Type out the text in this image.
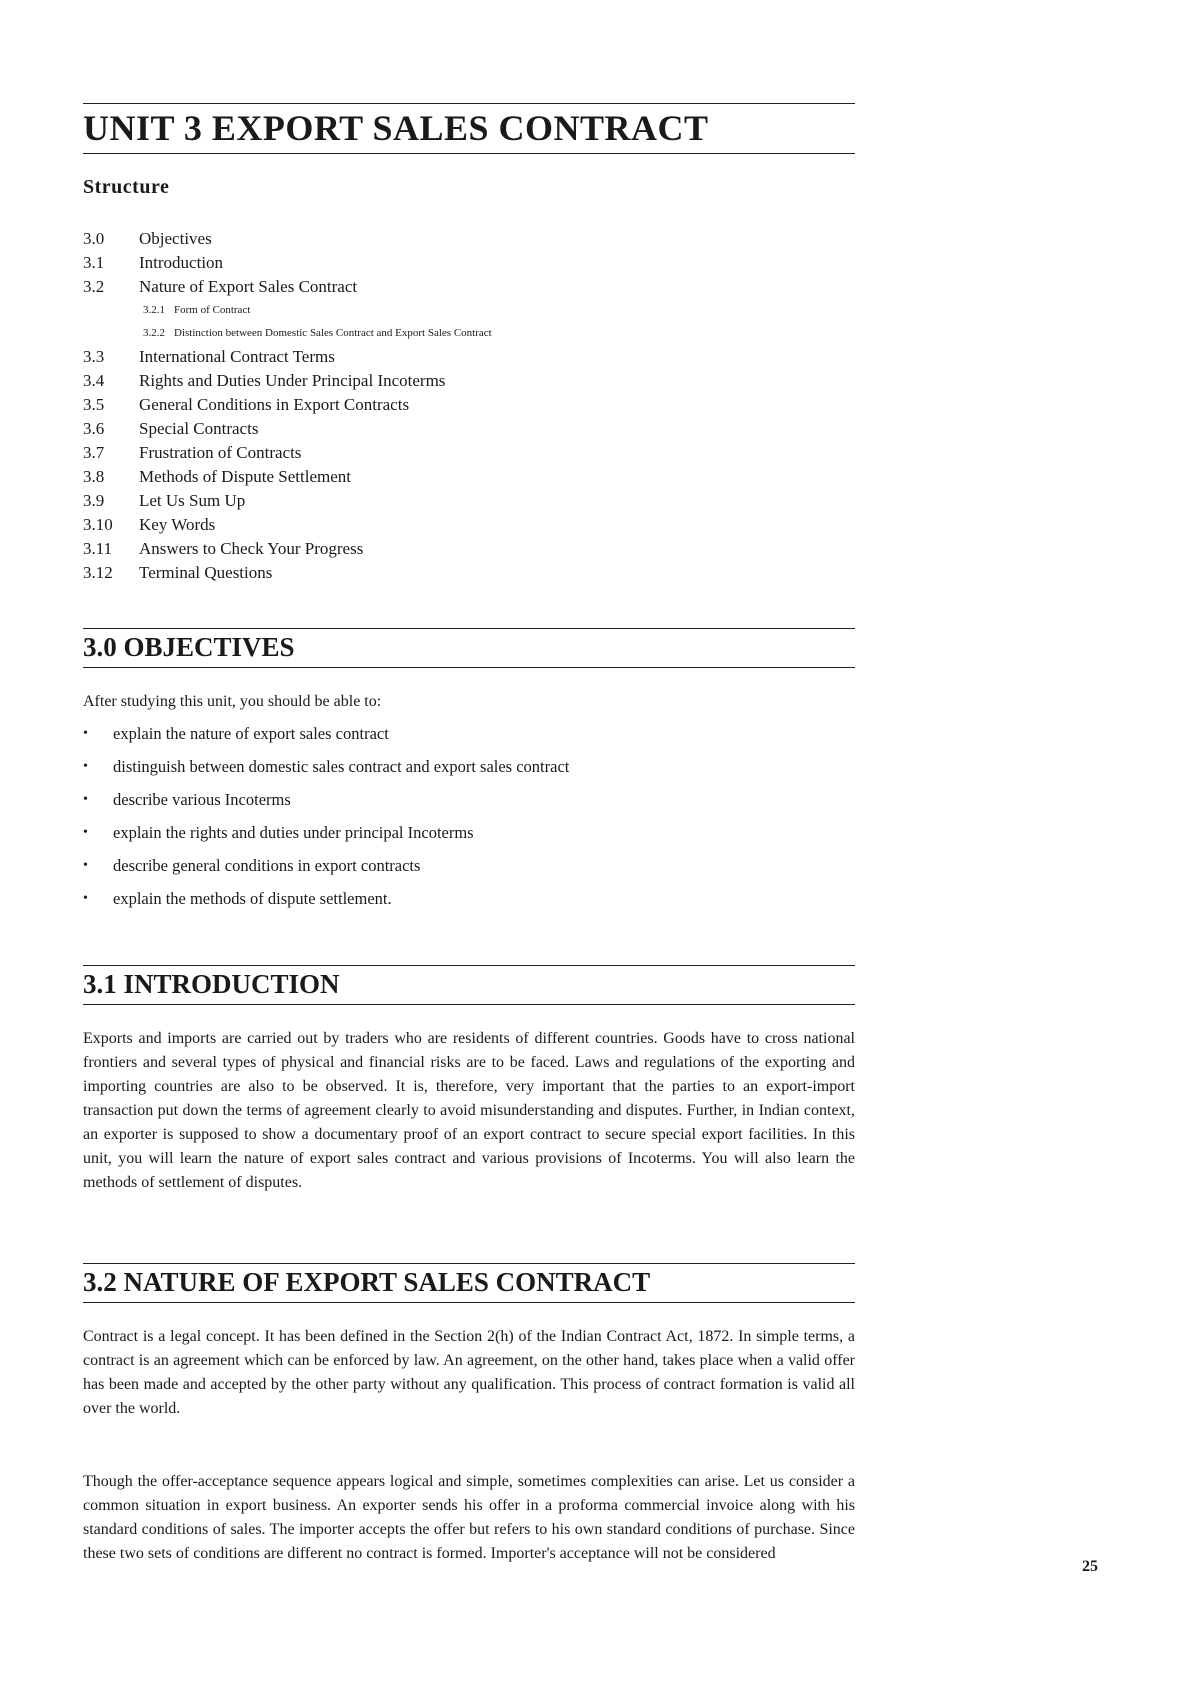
UNIT 3 EXPORT SALES CONTRACT
Structure
3.0 Objectives
3.1 Introduction
3.2 Nature of Export Sales Contract
3.2.1 Form of Contract
3.2.2 Distinction between Domestic Sales Contract and Export Sales Contract
3.3 International Contract Terms
3.4 Rights and Duties Under Principal Incoterms
3.5 General Conditions in Export Contracts
3.6 Special Contracts
3.7 Frustration of Contracts
3.8 Methods of Dispute Settlement
3.9 Let Us Sum Up
3.10 Key Words
3.11 Answers to Check Your Progress
3.12 Terminal Questions
3.0 OBJECTIVES
After studying this unit, you should be able to:
• explain the nature of export sales contract
• distinguish between domestic sales contract and export sales contract
• describe various Incoterms
• explain the rights and duties under principal Incoterms
• describe general conditions in export contracts
• explain the methods of dispute settlement.
3.1 INTRODUCTION
Exports and imports are carried out by traders who are residents of different countries. Goods have to cross national frontiers and several types of physical and financial risks are to be faced. Laws and regulations of the exporting and importing countries are also to be observed. It is, therefore, very important that the parties to an export-import transaction put down the terms of agreement clearly to avoid misunderstanding and disputes. Further, in Indian context, an exporter is supposed to show a documentary proof of an export contract to secure special export facilities. In this unit, you will learn the nature of export sales contract and various provisions of Incoterms. You will also learn the methods of settlement of disputes.
3.2 NATURE OF EXPORT SALES CONTRACT
Contract is a legal concept. It has been defined in the Section 2(h) of the Indian Contract Act, 1872. In simple terms, a contract is an agreement which can be enforced by law. An agreement, on the other hand, takes place when a valid offer has been made and accepted by the other party without any qualification. This process of contract formation is valid all over the world.
Though the offer-acceptance sequence appears logical and simple, sometimes complexities can arise. Let us consider a common situation in export business. An exporter sends his offer in a proforma commercial invoice along with his standard conditions of sales. The importer accepts the offer but refers to his own standard conditions of purchase. Since these two sets of conditions are different no contract is formed. Importer's acceptance will not be considered
25
